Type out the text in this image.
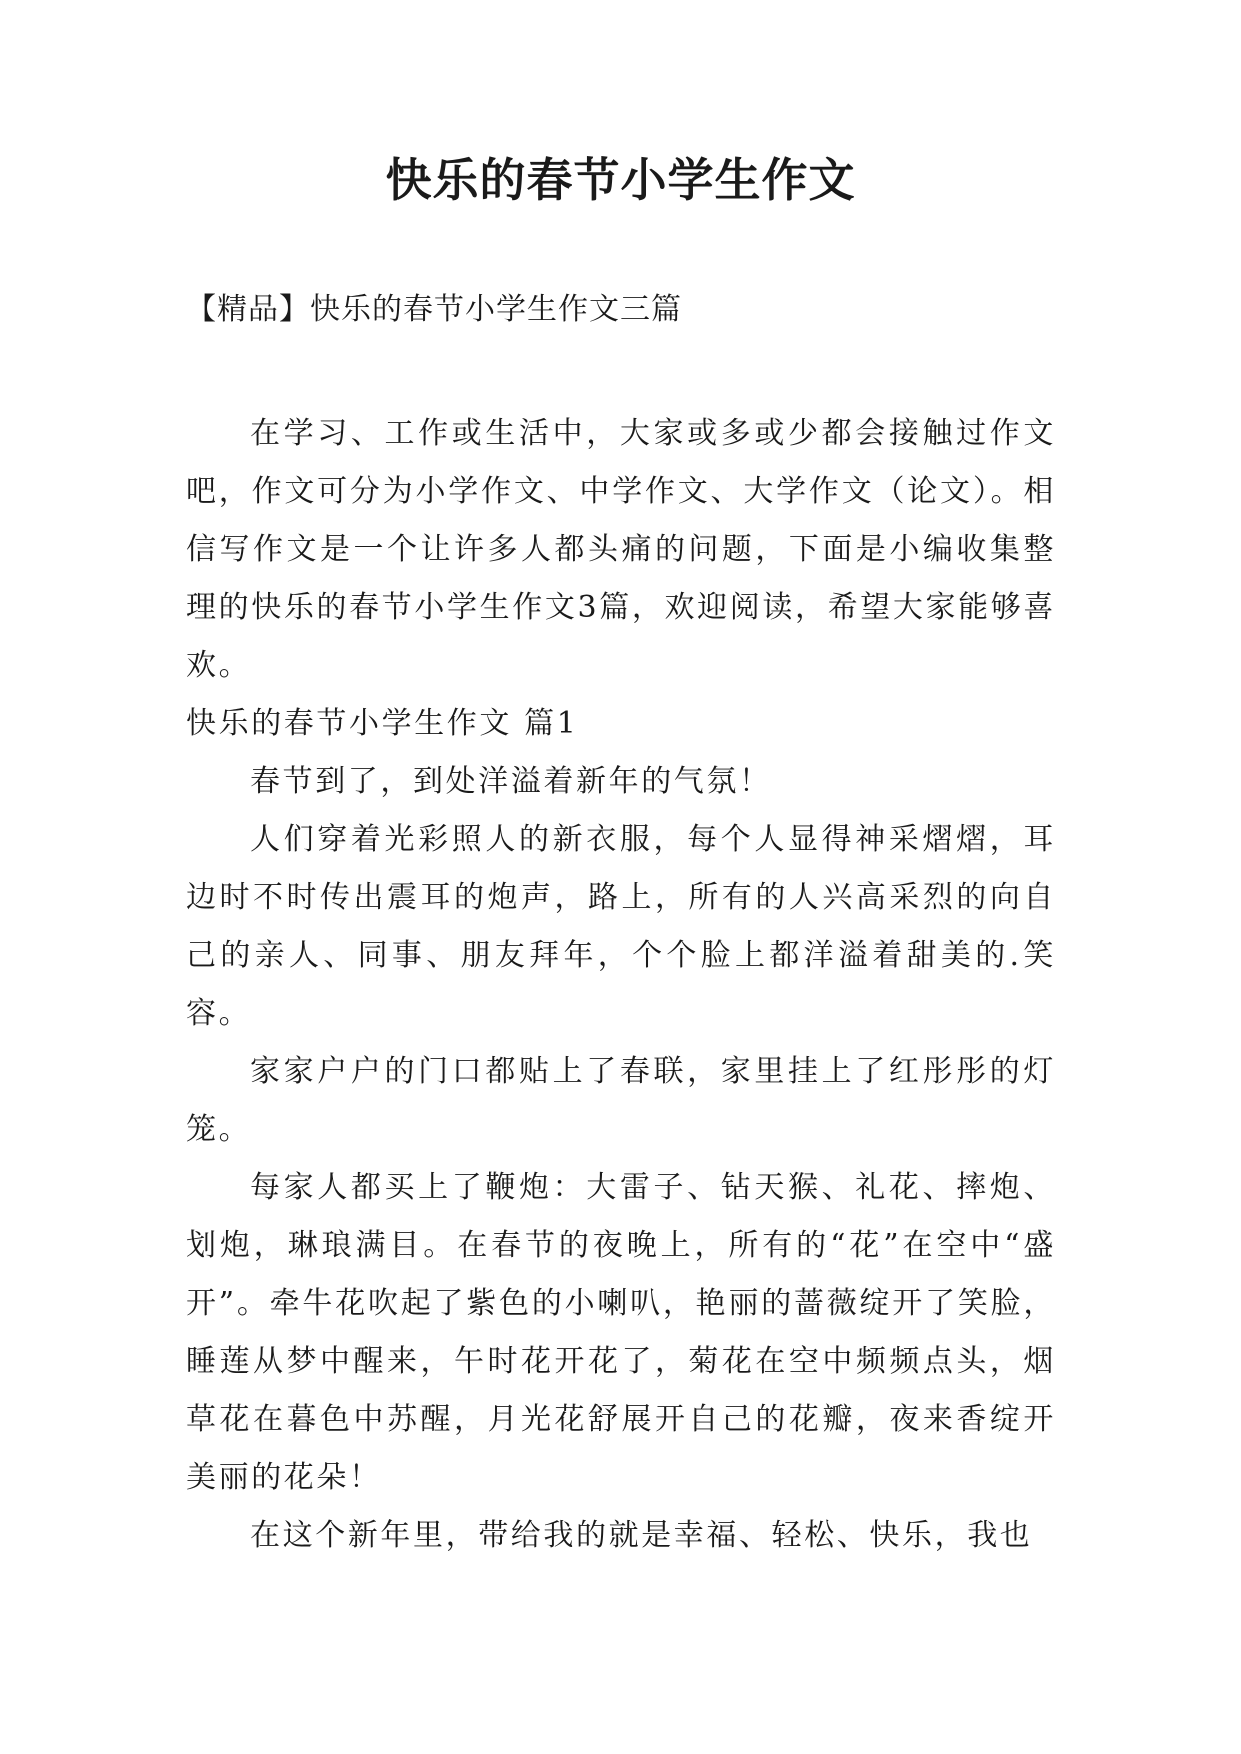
快乐的春节小学生作文
【精品】快乐的春节小学生作文三篇

在学习、工作或生活中，大家或多或少都会接触过作文吧，作文可分为小学作文、中学作文、大学作文（论文）。相信写作文是一个让许多人都头痛的问题，下面是小编收集整理的快乐的春节小学生作文3篇，欢迎阅读，希望大家能够喜欢。

快乐的春节小学生作文 篇1

春节到了，到处洋溢着新年的气氛！

人们穿着光彩照人的新衣服，每个人显得神采熠熠，耳边时不时传出震耳的炮声，路上，所有的人兴高采烈的向自己的亲人、同事、朋友拜年，个个脸上都洋溢着甜美的.笑容。

家家户户的门口都贴上了春联，家里挂上了红彤彤的灯笼。

每家人都买上了鞭炮：大雷子、钻天猴、礼花、摔炮、划炮，琳琅满目。在春节的夜晚上，所有的“花”在空中“盛开”。牵牛花吹起了紫色的小喇叭，艳丽的蔷薇绽开了笑脸，睡莲从梦中醒来，午时花开花了，菊花在空中频频点头，烟草花在暮色中苏醒，月光花舒展开自己的花瓣，夜来香绽开美丽的花朵！

在这个新年里，带给我的就是幸福、轻松、快乐，我也
